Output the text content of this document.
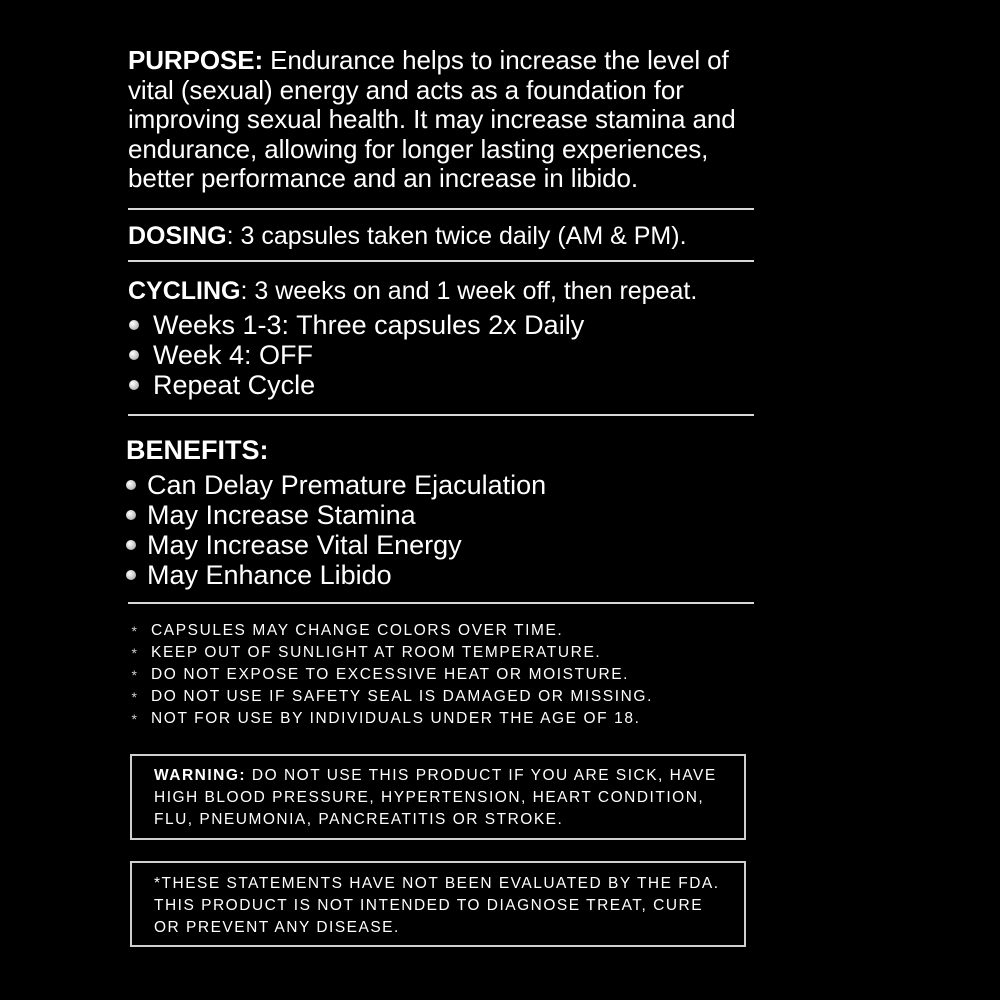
PURPOSE: Endurance helps to increase the level of vital (sexual) energy and acts as a foundation for improving sexual health. It may increase stamina and endurance, allowing for longer lasting experiences, better performance and an increase in libido.

DOSING: 3 capsules taken twice daily (AM & PM).

CYCLING: 3 weeks on and 1 week off, then repeat.

Weeks 1-3: Three capsules 2x Daily
Week 4: OFF
Repeat Cycle

BENEFITS:

Can Delay Premature Ejaculation
May Increase Stamina
May Increase Vital Energy
May Enhance Libido
* CAPSULES MAY CHANGE COLORS OVER TIME.
* KEEP OUT OF SUNLIGHT AT ROOM TEMPERATURE.
* DO NOT EXPOSE TO EXCESSIVE HEAT OR MOISTURE.
* DO NOT USE IF SAFETY SEAL IS DAMAGED OR MISSING.
* NOT FOR USE BY INDIVIDUALS UNDER THE AGE OF 18.
WARNING: DO NOT USE THIS PRODUCT IF YOU ARE SICK, HAVE HIGH BLOOD PRESSURE, HYPERTENSION, HEART CONDITION, FLU, PNEUMONIA, PANCREATITIS OR STROKE.
*THESE STATEMENTS HAVE NOT BEEN EVALUATED BY THE FDA. THIS PRODUCT IS NOT INTENDED TO DIAGNOSE TREAT, CURE OR PREVENT ANY DISEASE.
